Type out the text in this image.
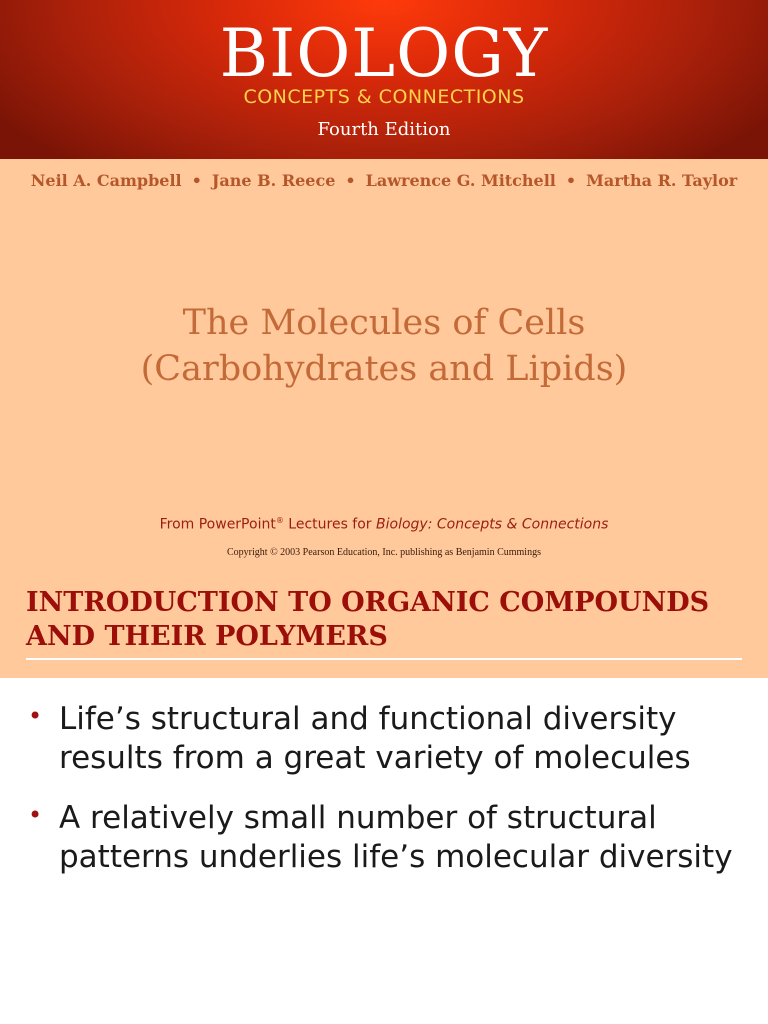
BIOLOGY
CONCEPTS & CONNECTIONS
Fourth Edition
Neil A. Campbell • Jane B. Reece • Lawrence G. Mitchell • Martha R. Taylor
The Molecules of Cells
(Carbohydrates and Lipids)
From PowerPoint® Lectures for Biology: Concepts & Connections
Copyright © 2003 Pearson Education, Inc. publishing as Benjamin Cummings
INTRODUCTION TO ORGANIC COMPOUNDS
AND THEIR POLYMERS
• Life’s structural and functional diversity results from a great variety of molecules
• A relatively small number of structural patterns underlies life’s molecular diversity
